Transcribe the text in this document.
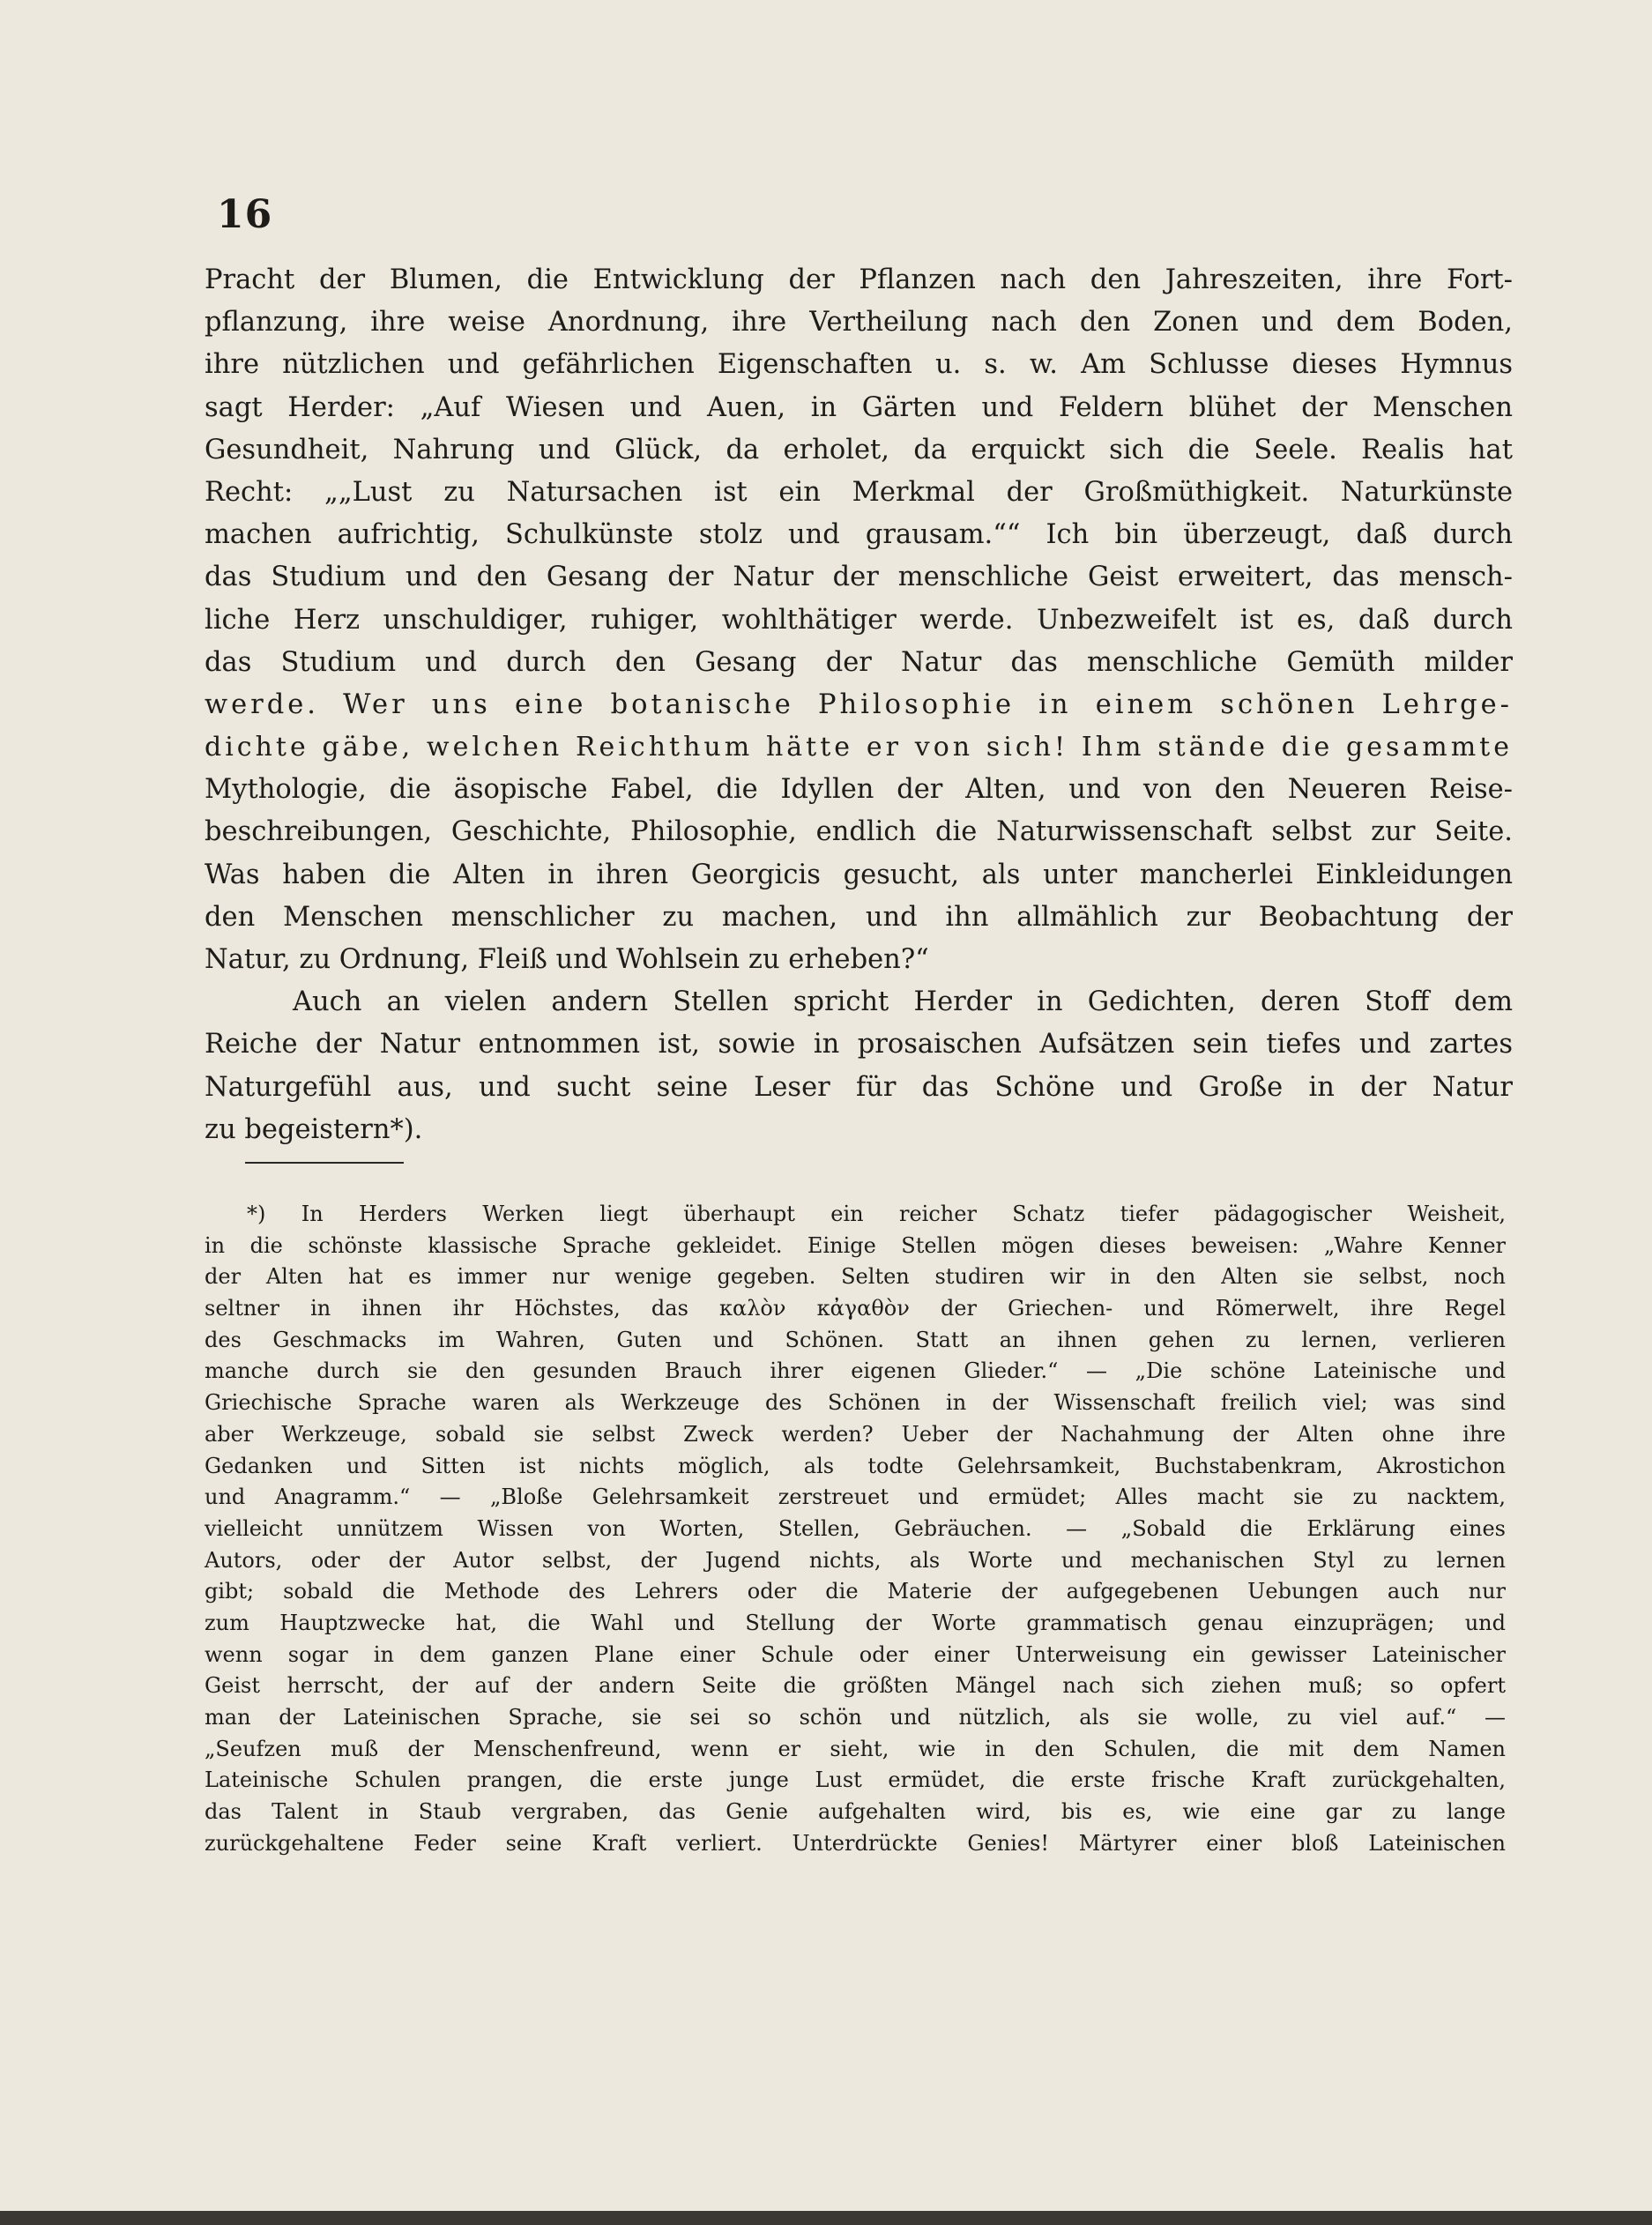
16
Pracht der Blumen, die Entwicklung der Pflanzen nach den Jahreszeiten, ihre Fort-
pflanzung, ihre weise Anordnung, ihre Vertheilung nach den Zonen und dem Boden,
ihre nützlichen und gefährlichen Eigenschaften u. s. w. Am Schlusse dieses Hymnus
sagt Herder: „Auf Wiesen und Auen, in Gärten und Feldern blühet der Menschen
Gesundheit, Nahrung und Glück, da erholet, da erquickt sich die Seele. Realis hat
Recht: „„Lust zu Natursachen ist ein Merkmal der Großmüthigkeit. Naturkünste
machen aufrichtig, Schulkünste stolz und grausam.““ Ich bin überzeugt, daß durch
das Studium und den Gesang der Natur der menschliche Geist erweitert, das mensch-
liche Herz unschuldiger, ruhiger, wohlthätiger werde. Unbezweifelt ist es, daß durch
das Studium und durch den Gesang der Natur das menschliche Gemüth milder
werde. Wer uns eine botanische Philosophie in einem schönen Lehrge-
dichte gäbe, welchen Reichthum hätte er von sich! Ihm stände die gesammte
Mythologie, die äsopische Fabel, die Idyllen der Alten, und von den Neueren Reise-
beschreibungen, Geschichte, Philosophie, endlich die Naturwissenschaft selbst zur Seite.
Was haben die Alten in ihren Georgicis gesucht, als unter mancherlei Einkleidungen
den Menschen menschlicher zu machen, und ihn allmählich zur Beobachtung der
Natur, zu Ordnung, Fleiß und Wohlsein zu erheben?“
Auch an vielen andern Stellen spricht Herder in Gedichten, deren Stoff dem
Reiche der Natur entnommen ist, sowie in prosaischen Aufsätzen sein tiefes und zartes
Naturgefühl aus, und sucht seine Leser für das Schöne und Große in der Natur
zu begeistern*).
*) In Herders Werken liegt überhaupt ein reicher Schatz tiefer pädagogischer Weisheit,
in die schönste klassische Sprache gekleidet. Einige Stellen mögen dieses beweisen: „Wahre Kenner
der Alten hat es immer nur wenige gegeben. Selten studiren wir in den Alten sie selbst, noch
seltner in ihnen ihr Höchstes, das καλὸν κἀγαθὸν der Griechen- und Römerwelt, ihre Regel
des Geschmacks im Wahren, Guten und Schönen. Statt an ihnen gehen zu lernen, verlieren
manche durch sie den gesunden Brauch ihrer eigenen Glieder.“ — „Die schöne Lateinische und
Griechische Sprache waren als Werkzeuge des Schönen in der Wissenschaft freilich viel; was sind
aber Werkzeuge, sobald sie selbst Zweck werden? Ueber der Nachahmung der Alten ohne ihre
Gedanken und Sitten ist nichts möglich, als todte Gelehrsamkeit, Buchstabenkram, Akrostichon
und Anagramm.“ — „Bloße Gelehrsamkeit zerstreuet und ermüdet; Alles macht sie zu nacktem,
vielleicht unnützem Wissen von Worten, Stellen, Gebräuchen. — „Sobald die Erklärung eines
Autors, oder der Autor selbst, der Jugend nichts, als Worte und mechanischen Styl zu lernen
gibt; sobald die Methode des Lehrers oder die Materie der aufgegebenen Uebungen auch nur
zum Hauptzwecke hat, die Wahl und Stellung der Worte grammatisch genau einzuprägen; und
wenn sogar in dem ganzen Plane einer Schule oder einer Unterweisung ein gewisser Lateinischer
Geist herrscht, der auf der andern Seite die größten Mängel nach sich ziehen muß; so opfert
man der Lateinischen Sprache, sie sei so schön und nützlich, als sie wolle, zu viel auf.“ —
„Seufzen muß der Menschenfreund, wenn er sieht, wie in den Schulen, die mit dem Namen
Lateinische Schulen prangen, die erste junge Lust ermüdet, die erste frische Kraft zurückgehalten,
das Talent in Staub vergraben, das Genie aufgehalten wird, bis es, wie eine gar zu lange
zurückgehaltene Feder seine Kraft verliert. Unterdrückte Genies! Märtyrer einer bloß Lateinischen
